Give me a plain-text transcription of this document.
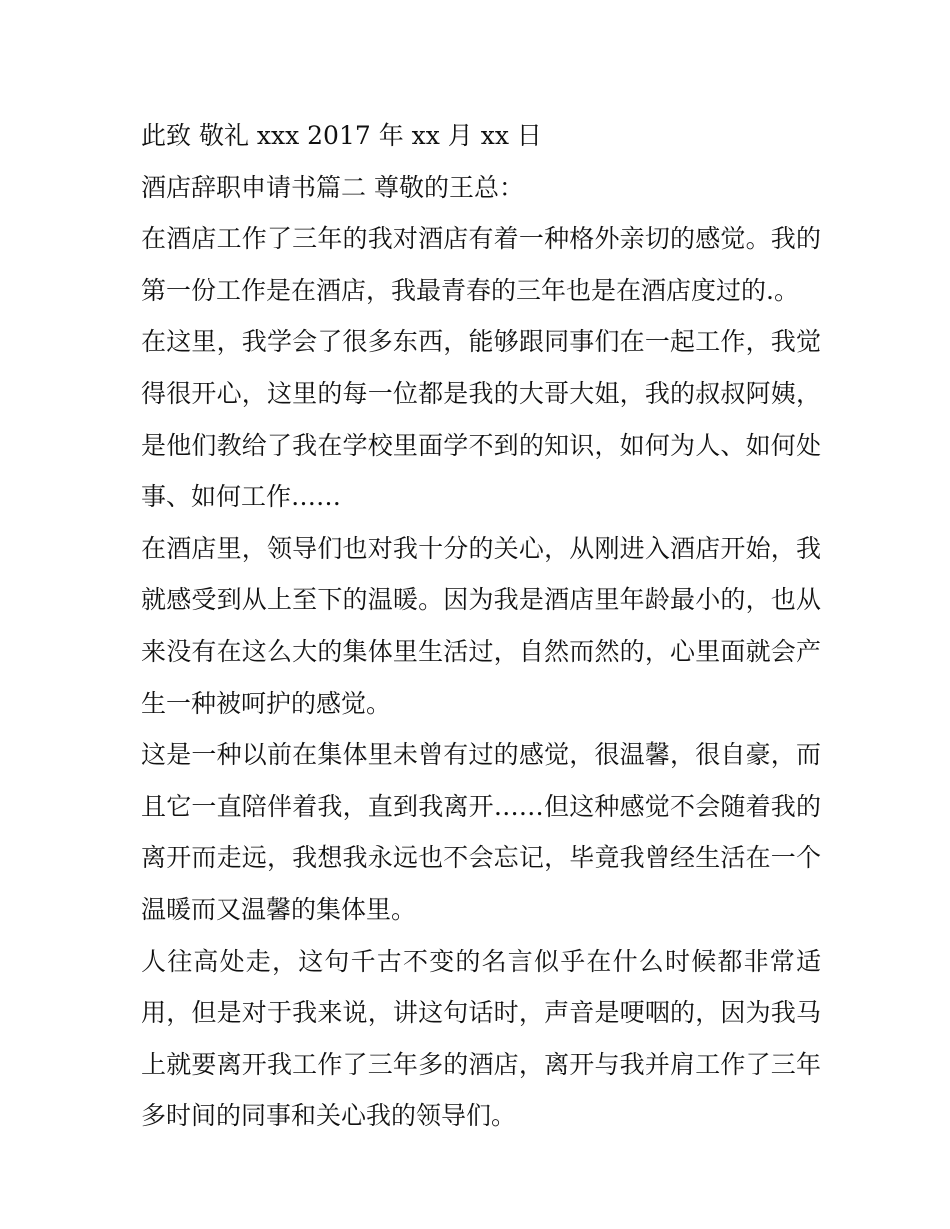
此致 敬礼 xxx 2017 年 xx 月 xx 日

酒店辞职申请书篇二 尊敬的王总：

在酒店工作了三年的我对酒店有着一种格外亲切的感觉。我的第一份工作是在酒店，我最青春的三年也是在酒店度过的.。

在这里，我学会了很多东西，能够跟同事们在一起工作，我觉得很开心，这里的每一位都是我的大哥大姐，我的叔叔阿姨，是他们教给了我在学校里面学不到的知识，如何为人、如何处事、如何工作……

在酒店里，领导们也对我十分的关心，从刚进入酒店开始，我就感受到从上至下的温暖。因为我是酒店里年龄最小的，也从来没有在这么大的集体里生活过，自然而然的，心里面就会产生一种被呵护的感觉。

这是一种以前在集体里未曾有过的感觉，很温馨，很自豪，而且它一直陪伴着我，直到我离开……但这种感觉不会随着我的离开而走远，我想我永远也不会忘记，毕竟我曾经生活在一个温暖而又温馨的集体里。

人往高处走，这句千古不变的名言似乎在什么时候都非常适用，但是对于我来说，讲这句话时，声音是哽咽的，因为我马上就要离开我工作了三年多的酒店，离开与我并肩工作了三年多时间的同事和关心我的领导们。
